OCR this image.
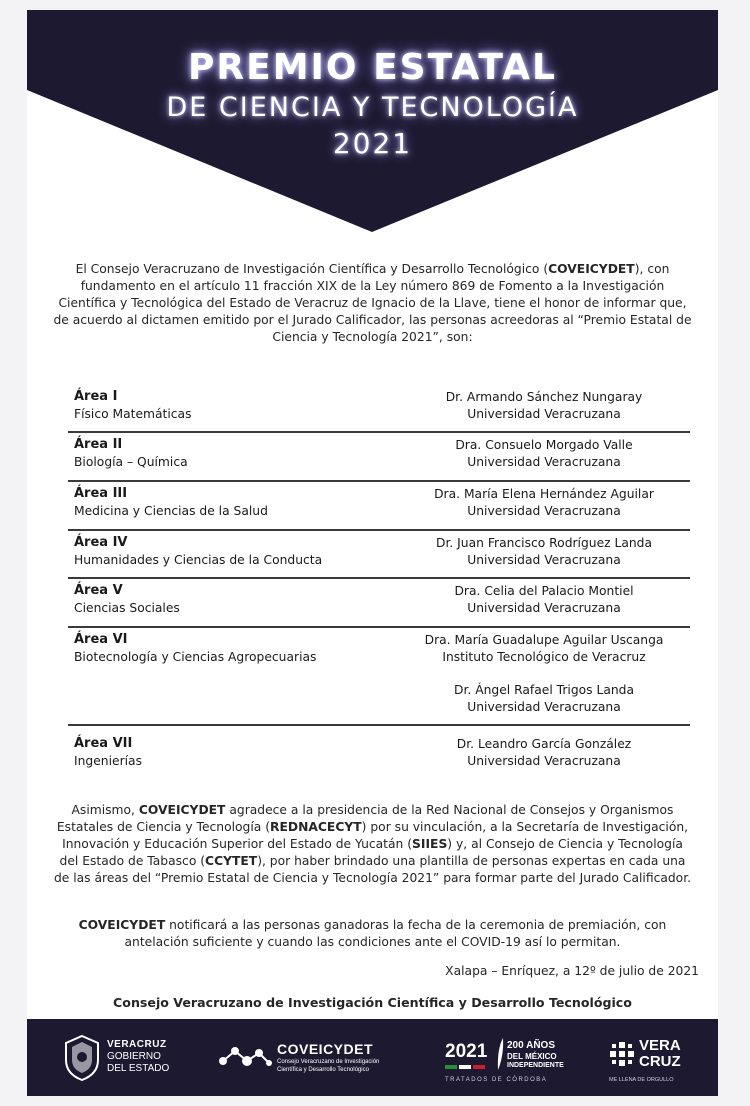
PREMIO ESTATAL
DE CIENCIA Y TECNOLOGÍA
2021
El Consejo Veracruzano de Investigación Científica y Desarrollo Tecnológico (COVEICYDET), con fundamento en el artículo 11 fracción XIX de la Ley número 869 de Fomento a la Investigación Científica y Tecnológica del Estado de Veracruz de Ignacio de la Llave, tiene el honor de informar que, de acuerdo al dictamen emitido por el Jurado Calificador, las personas acreedoras al “Premio Estatal de Ciencia y Tecnología 2021”, son:
Área I
Físico Matemáticas
Dr. Armando Sánchez Nungaray
Universidad Veracruzana
Área II
Biología – Química
Dra. Consuelo Morgado Valle
Universidad Veracruzana
Área III
Medicina y Ciencias de la Salud
Dra. María Elena Hernández Aguilar
Universidad Veracruzana
Área IV
Humanidades y Ciencias de la Conducta
Dr. Juan Francisco Rodríguez Landa
Universidad Veracruzana
Área V
Ciencias Sociales
Dra. Celia del Palacio Montiel
Universidad Veracruzana
Área VI
Biotecnología y Ciencias Agropecuarias
Dra. María Guadalupe Aguilar Uscanga
Instituto Tecnológico de Veracruz
Dr. Ángel Rafael Trigos Landa
Universidad Veracruzana
Área VII
Ingenierías
Dr. Leandro García González
Universidad Veracruzana
Asimismo, COVEICYDET agradece a la presidencia de la Red Nacional de Consejos y Organismos Estatales de Ciencia y Tecnología (REDNACECYT) por su vinculación, a la Secretaría de Investigación, Innovación y Educación Superior del Estado de Yucatán (SIIES) y, al Consejo de Ciencia y Tecnología del Estado de Tabasco (CCYTET), por haber brindado una plantilla de personas expertas en cada una de las áreas del “Premio Estatal de Ciencia y Tecnología 2021” para formar parte del Jurado Calificador.
COVEICYDET notificará a las personas ganadoras la fecha de la ceremonia de premiación, con antelación suficiente y cuando las condiciones ante el COVID-19 así lo permitan.
Xalapa – Enríquez, a 12º de julio de 2021
Consejo Veracruzano de Investigación Científica y Desarrollo Tecnológico
VERACRUZ
GOBIERNO
DEL ESTADO
COVEICYDET
Consejo Veracruzano de Investigación
Científica y Desarrollo Tecnológico
2021 200 AÑOS
DEL MÉXICO
INDEPENDIENTE
TRATADOS DE CÓRDOBA
VERA
CRUZ
ME LLENA DE ORGULLO
